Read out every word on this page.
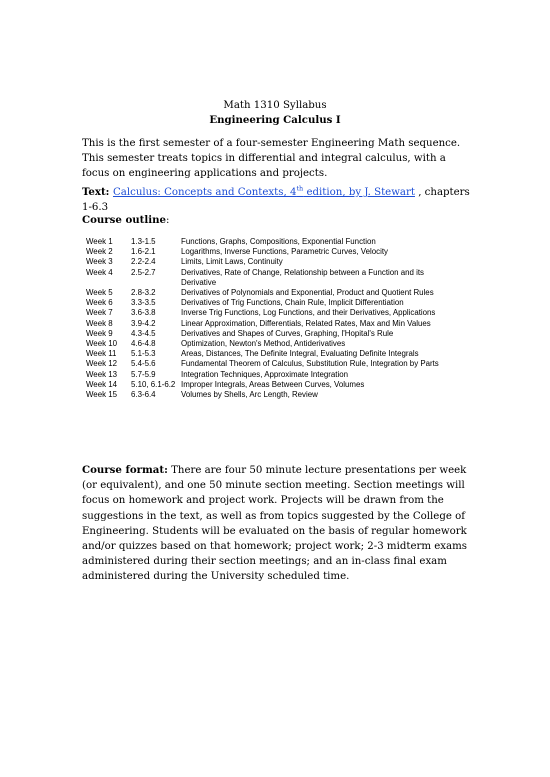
Math 1310 Syllabus
Engineering Calculus I
This is the first semester of a four-semester Engineering Math sequence. This semester treats topics in differential and integral calculus, with a focus on engineering applications and projects.
Text: Calculus: Concepts and Contexts, 4th edition, by J. Stewart , chapters 1-6.3
Course outline:
Week 1	1.3-1.5	Functions, Graphs, Compositions, Exponential Function
Week 2	1.6-2.1	Logarithms, Inverse Functions, Parametric Curves, Velocity
Week 3	2.2-2.4	Limits, Limit Laws, Continuity
Week 4	2.5-2.7	Derivatives, Rate of Change, Relationship between a Function and its Derivative
Week 5	2.8-3.2	Derivatives of Polynomials and Exponential, Product and Quotient Rules
Week 6	3.3-3.5	Derivatives of Trig Functions, Chain Rule, Implicit Differentiation
Week 7	3.6-3.8	Inverse Trig Functions, Log Functions, and their Derivatives, Applications
Week 8	3.9-4.2	Linear Approximation, Differentials, Related Rates, Max and Min Values
Week 9	4.3-4.5	Derivatives and Shapes of Curves, Graphing, l'Hopital's Rule
Week 10	4.6-4.8	Optimization, Newton's Method, Antiderivatives
Week 11	5.1-5.3	Areas, Distances, The Definite Integral, Evaluating Definite Integrals
Week 12	5.4-5.6	Fundamental Theorem of Calculus, Substitution Rule, Integration by Parts
Week 13	5.7-5.9	Integration Techniques, Approximate Integration
Week 14	5.10, 6.1-6.2	Improper Integrals, Areas Between Curves, Volumes
Week 15	6.3-6.4	Volumes by Shells, Arc Length, Review
Course format: There are four 50 minute lecture presentations per week (or equivalent), and one 50 minute section meeting. Section meetings will focus on homework and project work. Projects will be drawn from the suggestions in the text, as well as from topics suggested by the College of Engineering. Students will be evaluated on the basis of regular homework and/or quizzes based on that homework; project work; 2-3 midterm exams administered during their section meetings; and an in-class final exam administered during the University scheduled time.
